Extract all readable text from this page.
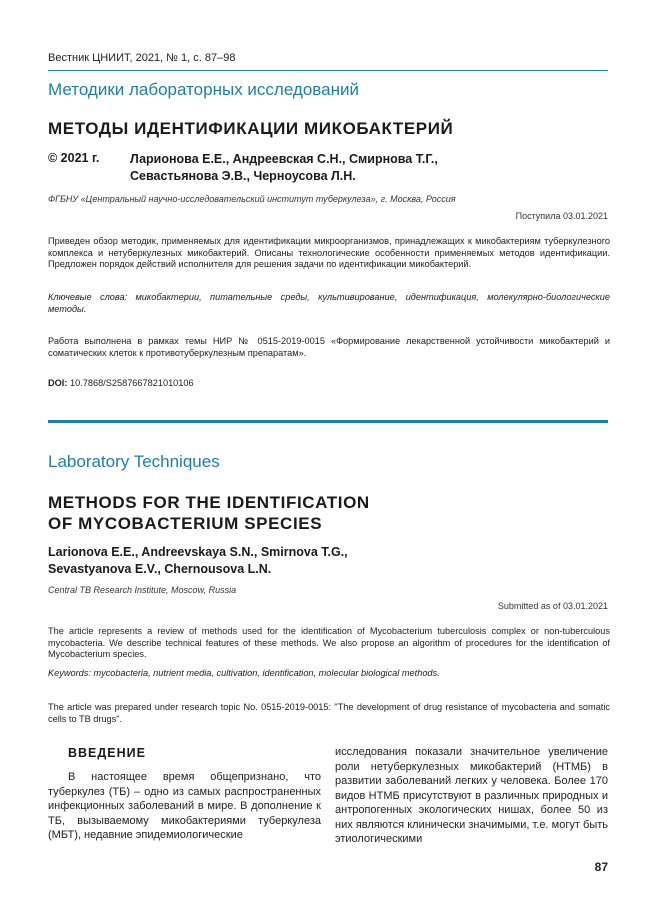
Вестник ЦНИИТ, 2021, № 1, с. 87–98
Методики лабораторных исследований
МЕТОДЫ ИДЕНТИФИКАЦИИ МИКОБАКТЕРИЙ
© 2021 г. Ларионова Е.Е., Андреевская С.Н., Смирнова Т.Г.,
Севастьянова Э.В., Черноусова Л.Н.
ФГБНУ «Центральный научно-исследовательский институт туберкулеза», г. Москва, Россия
Поступила 03.01.2021
Приведен обзор методик, применяемых для идентификации микроорганизмов, принадлежащих к микобактериям туберкулезного комплекса и нетуберкулезных микобактерий. Описаны технологические особенности применяемых методов идентификации. Предложен порядок действий исполнителя для решения задачи по идентификации микобактерий.
Ключевые слова: микобактерии, питательные среды, культивирование, идентификация, молекулярно-биологические методы.
Работа выполнена в рамках темы НИР № 0515-2019-0015 «Формирование лекарственной устойчивости микобактерий и соматических клеток к противотуберкулезным препаратам».
DOI: 10.7868/S2587667821010106
Laboratory Techniques
METHODS FOR THE IDENTIFICATION
OF MYCOBACTERIUM SPECIES
Larionova E.E., Andreevskaya S.N., Smirnova T.G.,
Sevastyanova E.V., Chernousova L.N.
Central TB Research Institute, Moscow, Russia
Submitted as of 03.01.2021
The article represents a review of methods used for the identification of Mycobacterium tuberculosis complex or non-tuberculous mycobacteria. We describe technical features of these methods. We also propose an algorithm of procedures for the identification of Mycobacterium species.
Keywords: mycobacteria, nutrient media, cultivation, identification, molecular biological methods.
The article was prepared under research topic No. 0515-2019-0015: "The development of drug resistance of mycobacteria and somatic cells to TB drugs".
ВВЕДЕНИЕ

В настоящее время общепризнано, что туберкулез (ТБ) – одно из самых распространенных инфекционных заболеваний в мире. В дополнение к ТБ, вызываемому микобактериями туберкулеза (МБТ), недавние эпидемиологические

исследования показали значительное увеличение роли нетуберкулезных микобактерий (НТМБ) в развитии заболеваний легких у человека. Более 170 видов НТМБ присутствуют в различных природных и антропогенных экологических нишах, более 50 из них являются клинически значимыми, т.е. могут быть этиологическими

87
